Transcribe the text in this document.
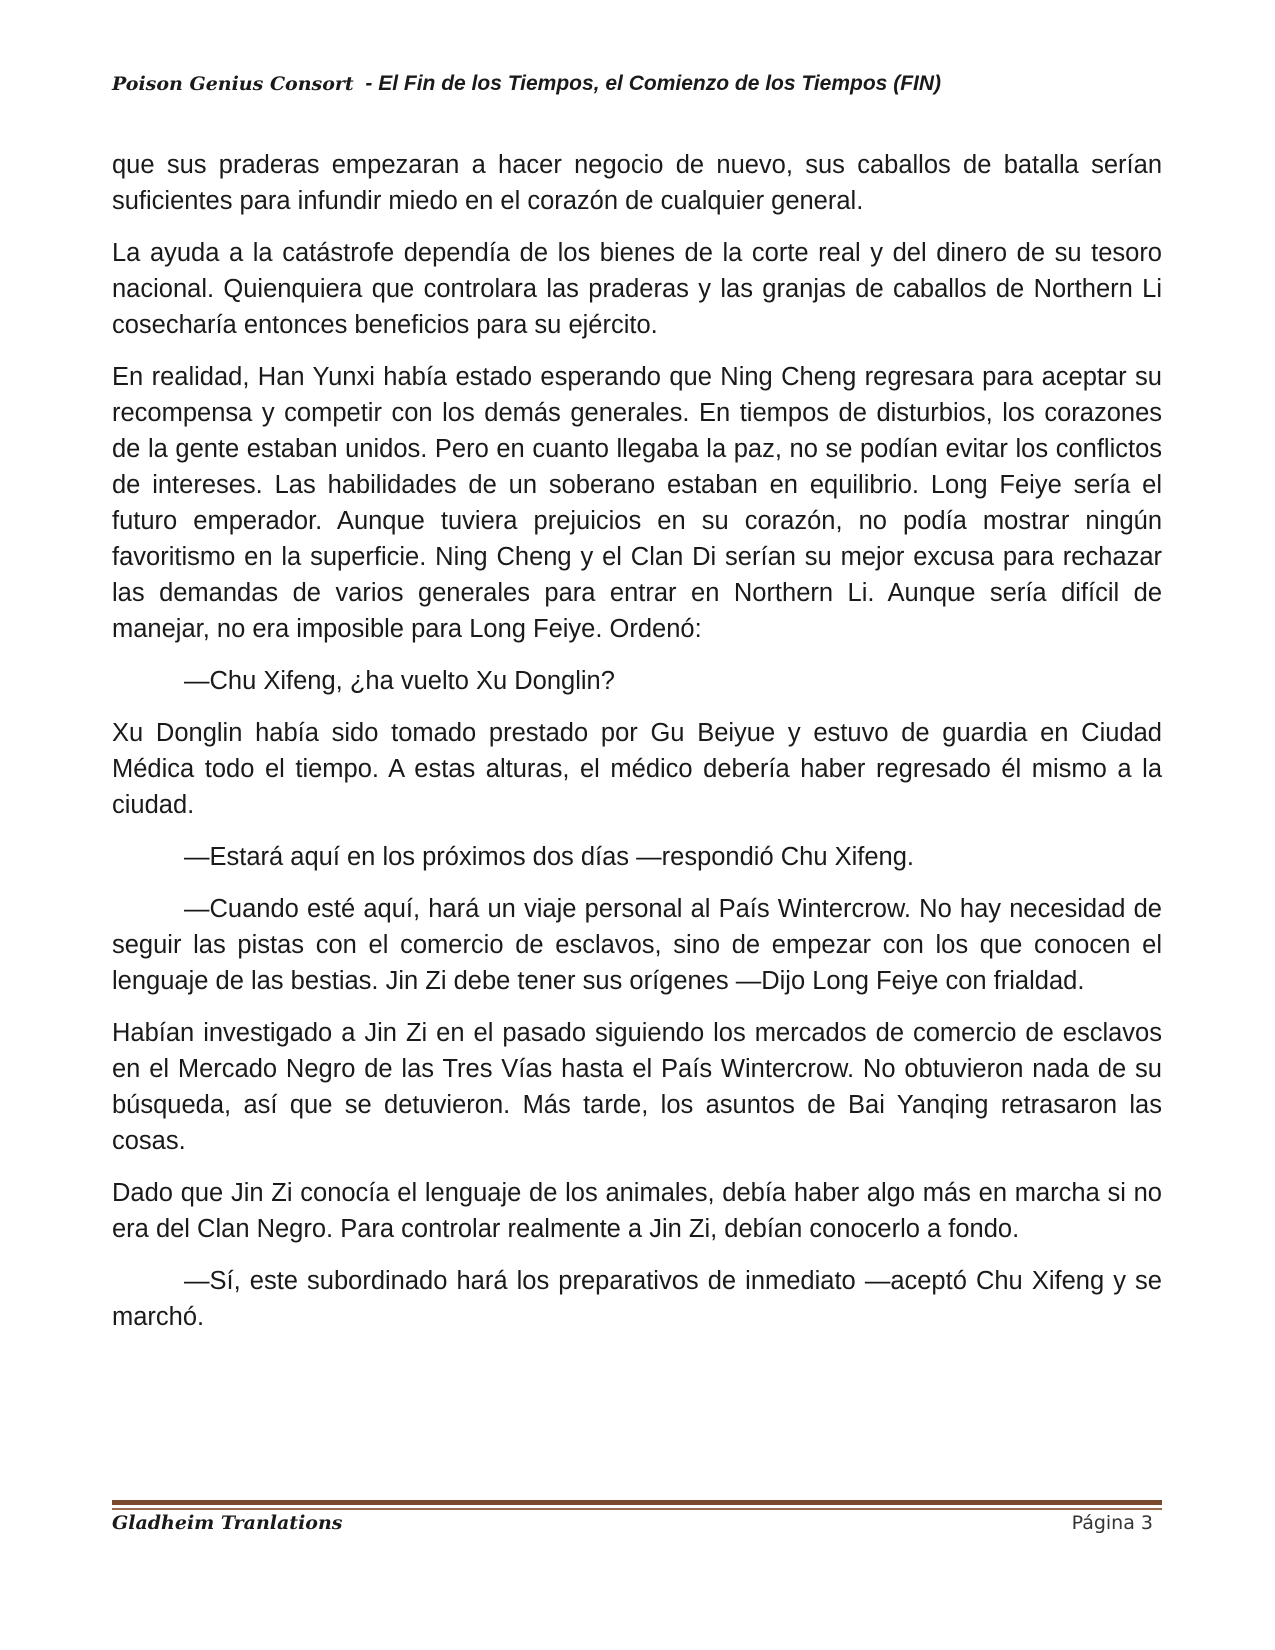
Poison Genius Consort  - El Fin de los Tiempos, el Comienzo de los Tiempos (FIN)

que sus praderas empezaran a hacer negocio de nuevo, sus caballos de batalla serían suficientes para infundir miedo en el corazón de cualquier general.

La ayuda a la catástrofe dependía de los bienes de la corte real y del dinero de su tesoro nacional. Quienquiera que controlara las praderas y las granjas de caballos de Northern Li cosecharía entonces beneficios para su ejército.

En realidad, Han Yunxi había estado esperando que Ning Cheng regresara para aceptar su recompensa y competir con los demás generales. En tiempos de disturbios, los corazones de la gente estaban unidos. Pero en cuanto llegaba la paz, no se podían evitar los conflictos de intereses. Las habilidades de un soberano estaban en equilibrio. Long Feiye sería el futuro emperador. Aunque tuviera prejuicios en su corazón, no podía mostrar ningún favoritismo en la superficie. Ning Cheng y el Clan Di serían su mejor excusa para rechazar las demandas de varios generales para entrar en Northern Li. Aunque sería difícil de manejar, no era imposible para Long Feiye. Ordenó:

—Chu Xifeng, ¿ha vuelto Xu Donglin?

Xu Donglin había sido tomado prestado por Gu Beiyue y estuvo de guardia en Ciudad Médica todo el tiempo. A estas alturas, el médico debería haber regresado él mismo a la ciudad.

—Estará aquí en los próximos dos días —respondió Chu Xifeng.

—Cuando esté aquí, hará un viaje personal al País Wintercrow. No hay necesidad de seguir las pistas con el comercio de esclavos, sino de empezar con los que conocen el lenguaje de las bestias. Jin Zi debe tener sus orígenes —Dijo Long Feiye con frialdad.

Habían investigado a Jin Zi en el pasado siguiendo los mercados de comercio de esclavos en el Mercado Negro de las Tres Vías hasta el País Wintercrow. No obtuvieron nada de su búsqueda, así que se detuvieron. Más tarde, los asuntos de Bai Yanqing retrasaron las cosas.

Dado que Jin Zi conocía el lenguaje de los animales, debía haber algo más en marcha si no era del Clan Negro. Para controlar realmente a Jin Zi, debían conocerlo a fondo.

—Sí, este subordinado hará los preparativos de inmediato —aceptó Chu Xifeng y se marchó.

Gladheim Tranlations	Página 3
